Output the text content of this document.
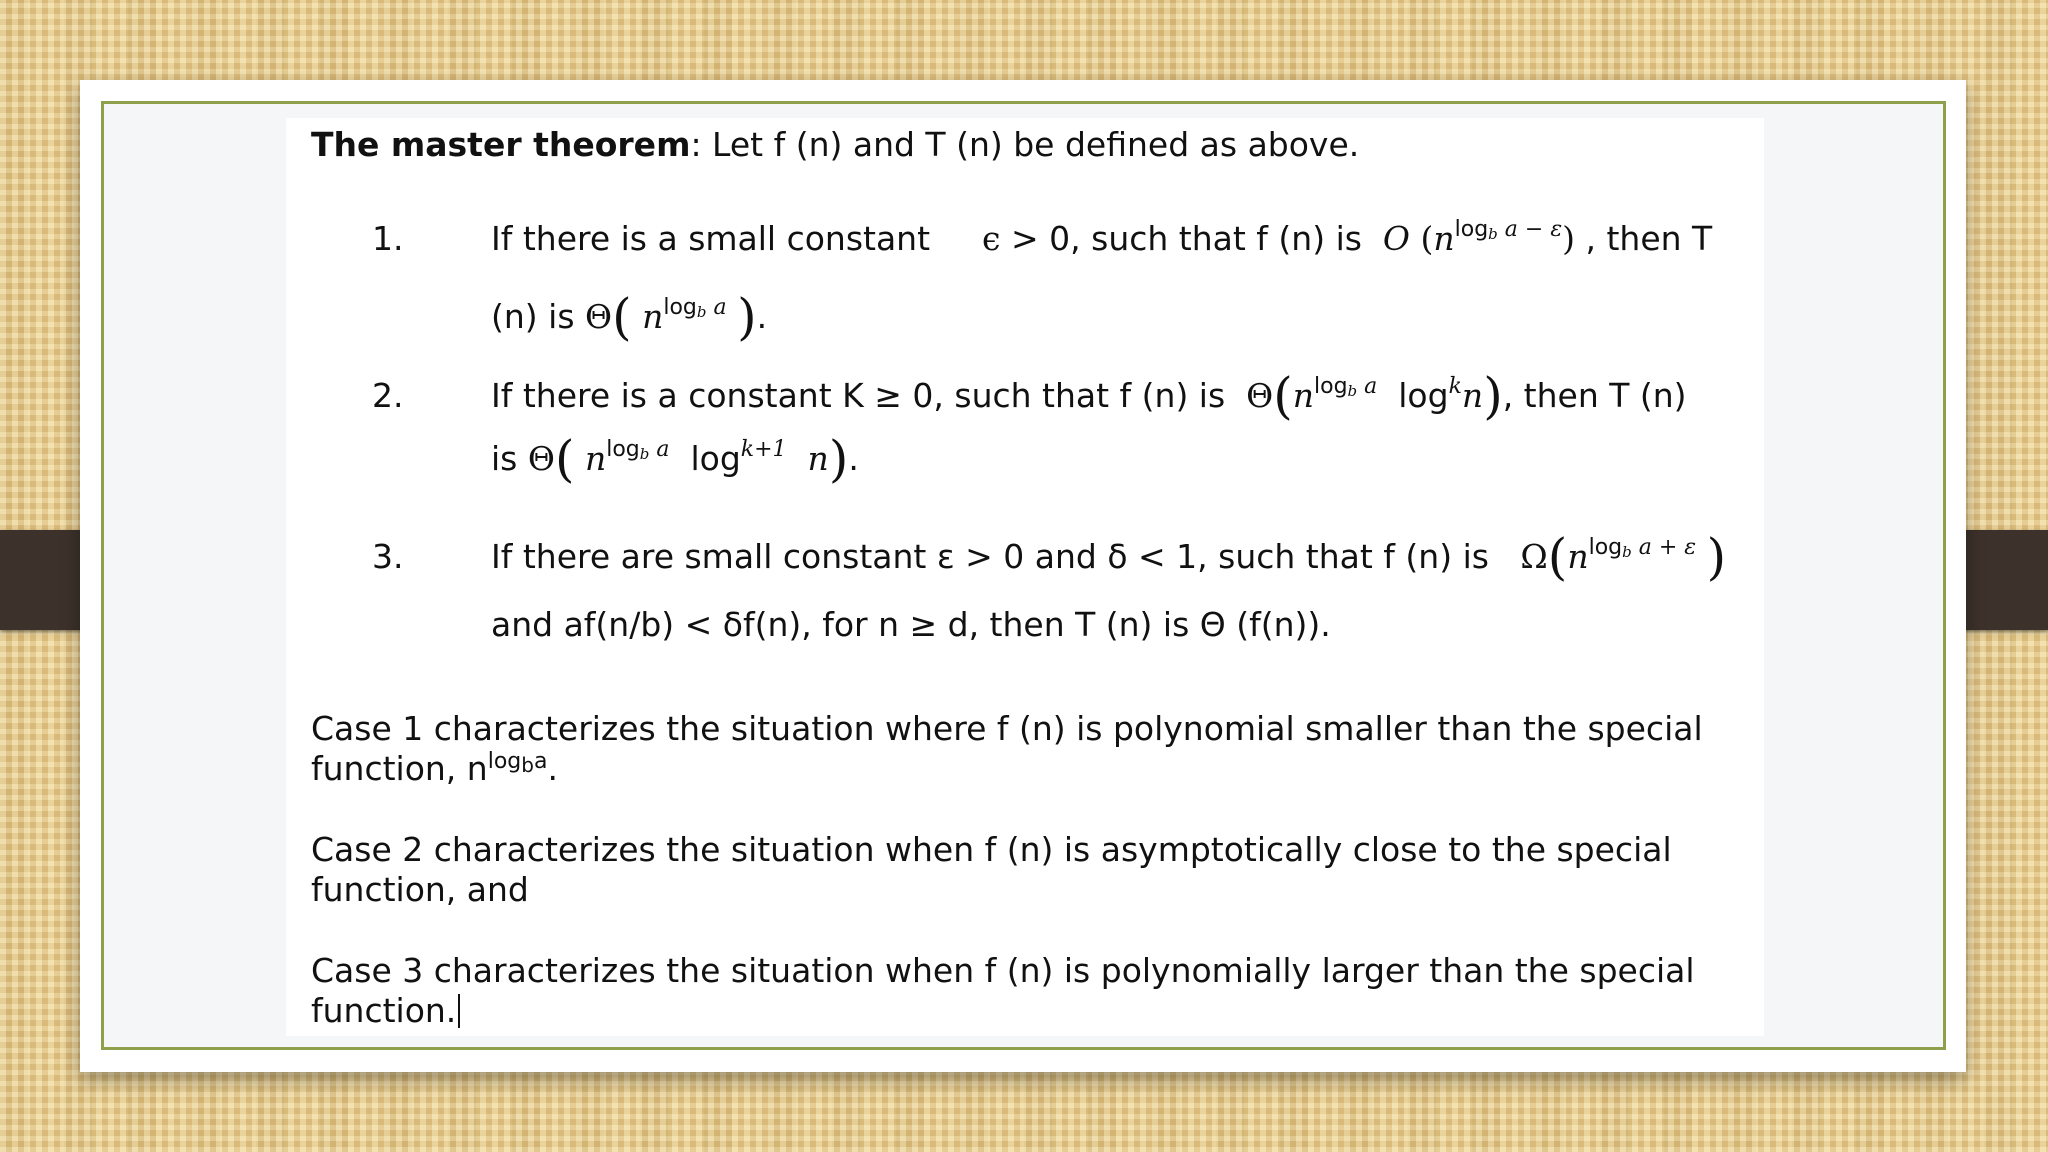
The master theorem: Let f (n) and T (n) be defined as above.
1.	If there is a small constant ϵ > 0, such that f (n) is O $(n^{log_b a - \varepsilon})$ , then T
(n) is Θ( $n^{log_b a}$ ).
2.	If there is a constant K ≥ 0, such that f (n) is $\Theta(n^{log_b a}$ $\log^kn$), then T (n)
is Θ( $n^{log_b a}$ $\log^{k+1} n$).
3.	If there are small constant ε > 0 and δ < 1, such that f (n) is $\Omega(n^{log_b a + \varepsilon}$ )
and af(n/b) < δf(n), for n ≥ d, then T (n) is Θ (f(n)).
Case 1 characterizes the situation where f (n) is polynomial smaller than the special
function, $n^{log_ba}$.
Case 2 characterizes the situation when f (n) is asymptotically close to the special
function, and
Case 3 characterizes the situation when f (n) is polynomially larger than the special
function.
